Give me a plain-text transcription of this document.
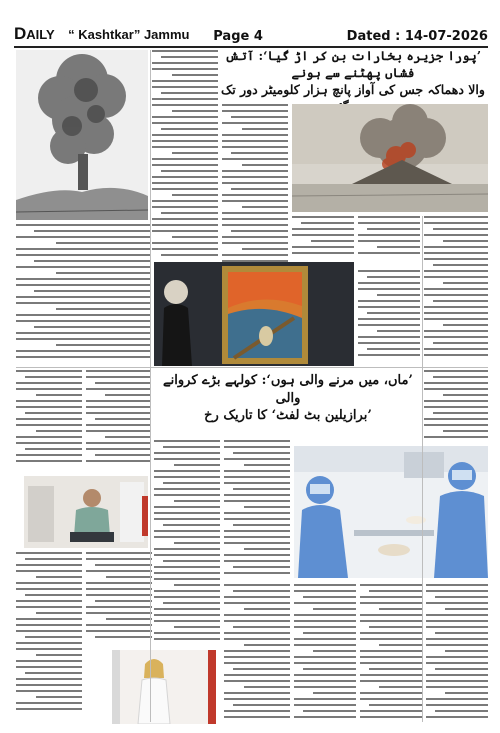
DAILY “ Kashtkar” Jammu Page 4	Dated : 14-07-2026
’پورا جزیرہ بخارات بن کر اڑ گیا‘: آتش فشاں پھٹنے سے ہونے
والا دھماکہ جس کی آواز پانچ ہزار کلومیٹر دور تک
’ماں، میں مرنے والی ہوں‘: کولہے بڑے کروانے والی
’برازیلین بٹ لفٹ‘ کا تاریک رخ
